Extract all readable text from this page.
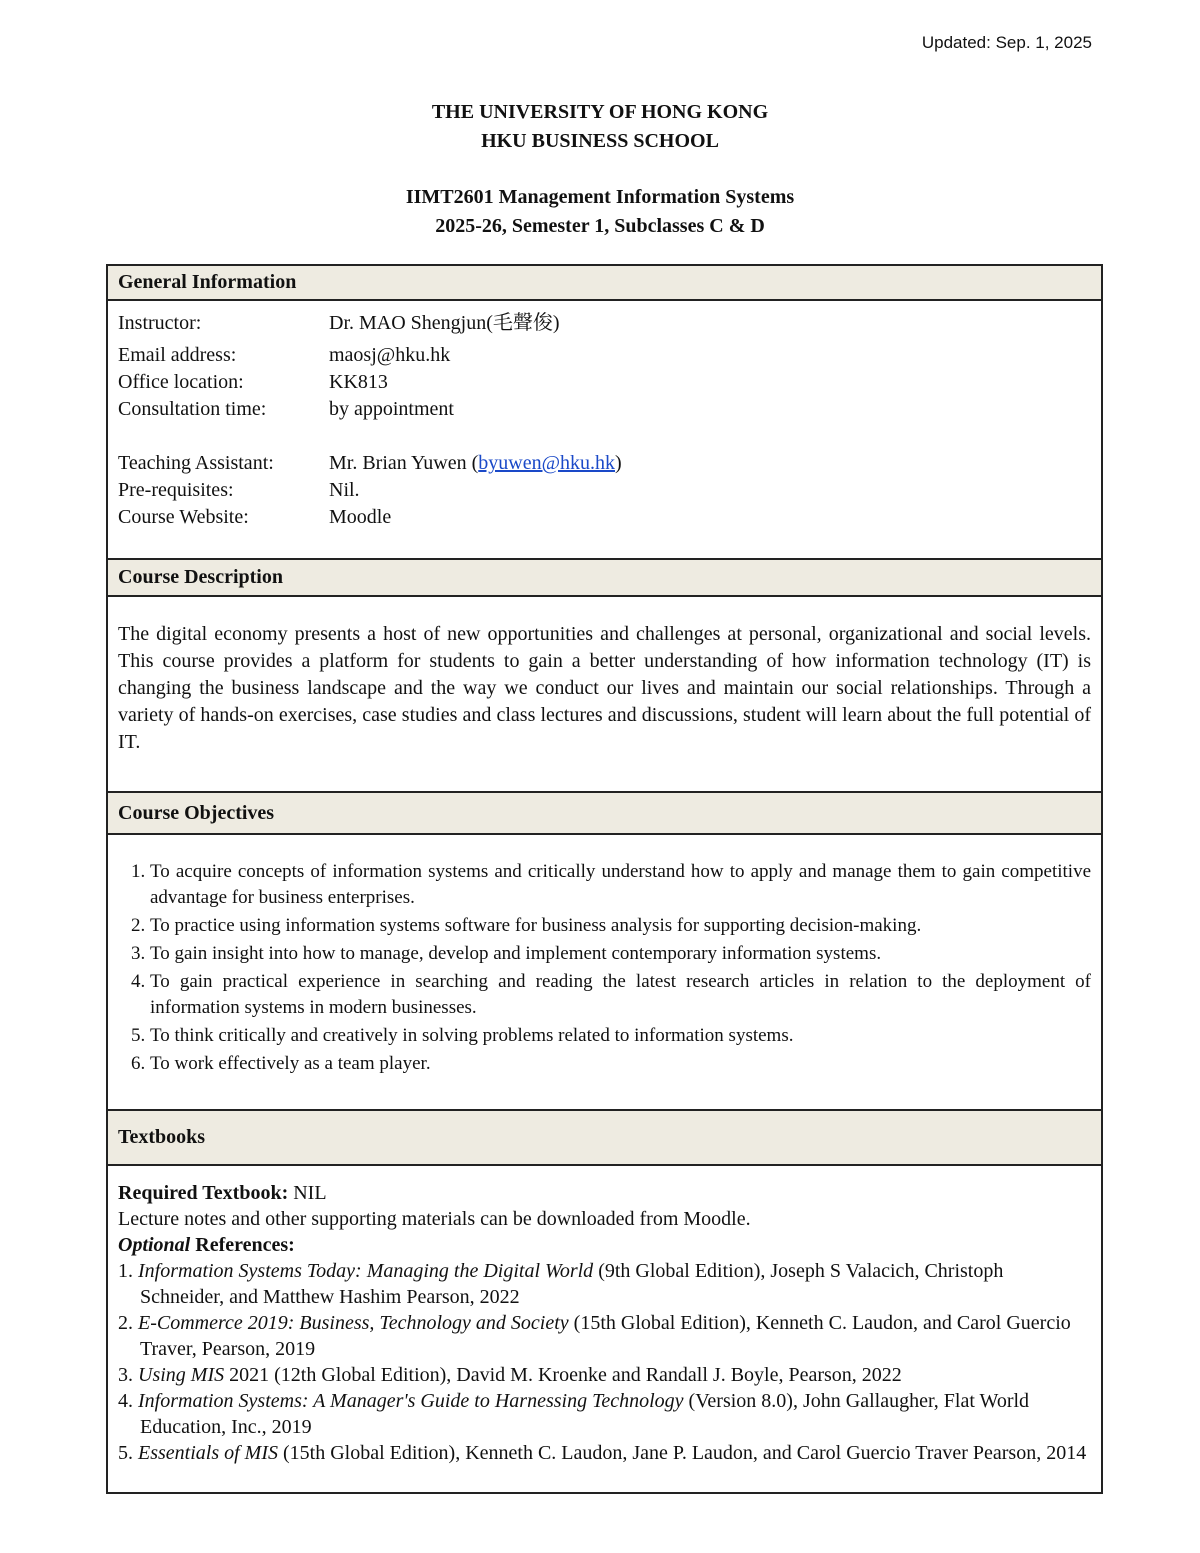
Updated: Sep. 1, 2025
THE UNIVERSITY OF HONG KONG
HKU BUSINESS SCHOOL
IIMT2601 Management Information Systems
2025-26, Semester 1, Subclasses C & D
General Information

Instructor:	Dr. MAO Shengjun(毛聲俊)
Email address:	maosj@hku.hk
Office location:	KK813
Consultation time:	by appointment
Teaching Assistant:	Mr. Brian Yuwen (byuwen@hku.hk)
Pre-requisites:	Nil.
Course Website:	Moodle

Course Description

The digital economy presents a host of new opportunities and challenges at personal, organizational and social levels. This course provides a platform for students to gain a better understanding of how information technology (IT) is changing the business landscape and the way we conduct our lives and maintain our social relationships. Through a variety of hands-on exercises, case studies and class lectures and discussions, student will learn about the full potential of IT.

Course Objectives

1. To acquire concepts of information systems and critically understand how to apply and manage them to gain competitive advantage for business enterprises.
2. To practice using information systems software for business analysis for supporting decision-making.
3. To gain insight into how to manage, develop and implement contemporary information systems.
4. To gain practical experience in searching and reading the latest research articles in relation to the deployment of information systems in modern businesses.
5. To think critically and creatively in solving problems related to information systems.
6. To work effectively as a team player.

Textbooks

Required Textbook: NIL
Lecture notes and other supporting materials can be downloaded from Moodle.
Optional References:
1. Information Systems Today: Managing the Digital World (9th Global Edition), Joseph S Valacich, Christoph Schneider, and Matthew Hashim Pearson, 2022
2. E-Commerce 2019: Business, Technology and Society (15th Global Edition), Kenneth C. Laudon, and Carol Guercio Traver, Pearson, 2019
3. Using MIS 2021 (12th Global Edition), David M. Kroenke and Randall J. Boyle, Pearson, 2022
4. Information Systems: A Manager's Guide to Harnessing Technology (Version 8.0), John Gallaugher, Flat World Education, Inc., 2019
5. Essentials of MIS (15th Global Edition), Kenneth C. Laudon, Jane P. Laudon, and Carol Guercio Traver Pearson, 2014
